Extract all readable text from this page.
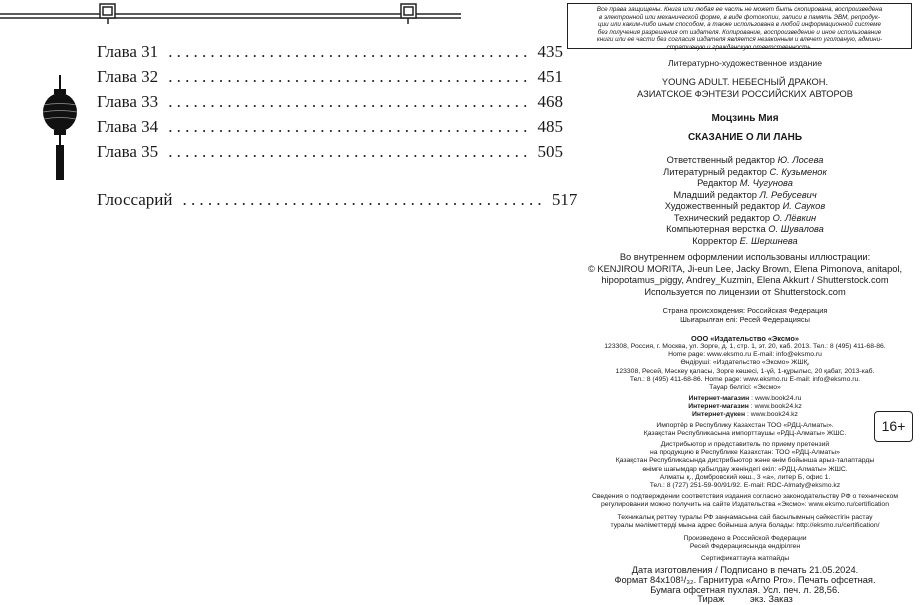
Глава 31 ........................................... 435
Глава 32 ........................................... 451
Глава 33 ........................................... 468
Глава 34 ........................................... 485
Глава 35 ........................................... 505
Глоссарий ........................................... 517
Все права защищены. Книга или любая ее часть не может быть скопирована, воспроизведена
в электронной или механической форме, в виде фотокопии, записи в память ЭВМ, репродук-
ции или каким-либо иным способом, а также использована в любой информационной системе
без получения разрешения от издателя. Копирование, воспроизведение и иное использование
книги или ее части без согласия издателя является незаконным и влечет уголовную, админи-
стративную и гражданскую ответственность.
Литературно-художественное издание
YOUNG ADULT. НЕБЕСНЫЙ ДРАКОН.
АЗИАТСКОЕ ФЭНТЕЗИ РОССИЙСКИХ АВТОРОВ
Моцзинь Мия
СКАЗАНИЕ О ЛИ ЛАНЬ
Ответственный редактор Ю. Лосева
Литературный редактор С. Кузьменок
Редактор М. Чугунова
Младший редактор Л. Ребусевич
Художественный редактор И. Сауков
Технический редактор О. Лёвкин
Компьютерная верстка О. Шувалова
Корректор Е. Шершнева
Во внутреннем оформлении использованы иллюстрации:
© KENJIROU MORITA, Ji-eun Lee, Jacky Brown, Elena Pimonova, anitapol,
hipopotamus_piggy, Andrey_Kuzmin, Elena Akkurt / Shutterstock.com
Используется по лицензии от Shutterstock.com
Страна происхождения: Российская Федерация
Шығарылған елі: Ресей Федерациясы
ООО «Издательство «Эксмо»
123308, Россия, г. Москва, ул. Зорге, д. 1, стр. 1, эт. 20, каб. 2013. Тел.: 8 (495) 411-68-86.
Home page: www.eksmo.ru E-mail: info@eksmo.ru
Өндіруші: «Издательство «Эксмо» ЖШҚ,
123308, Ресей, Мәскеу қаласы, Зорге көшесі, 1-үй, 1-құрылыс, 20 қабат, 2013-каб.
Тел.: 8 (495) 411-68-86. Home page: www.eksmo.ru E-mail: info@eksmo.ru.
Тауар белгісі: «Эксмо»
Интернет-магазин : www.book24.ru
Интернет-магазин : www.book24.kz
Интернет-дүкен : www.book24.kz
16+
Импортёр в Республику Казахстан ТОО «РДЦ-Алматы».
Қазақстан Республикасына импорттаушы «РДЦ-Алматы» ЖШС.
Дистрибьютор и представитель по приему претензий
на продукцию в Республике Казахстан: ТОО «РДЦ-Алматы»
Қазақстан Республикасында дистрибьютор және өнім бойынша арыз-талаптарды
өнімге шағымдар қабылдау жөніндегі екіл: «РДЦ-Алматы» ЖШС.
Алматы қ., Домбровский көш., 3 «а», литер Б, офис 1.
Тел.: 8 (727) 251-59-90/91/92. E-mail: RDC-Almaty@eksmo.kz
Сведения о подтверждении соответствия издания согласно законодательству РФ о техническом
регулировании можно получить на сайте Издательства «Эксмо»: www.eksmo.ru/certification
Техникалық реттеу туралы РФ заңнамасына сай басылымның сәйкестігін растау
туралы мәліметтерді мына адрес бойынша алуға болады: http://eksmo.ru/certification/
Произведено в Российской Федерации
Ресей Федерациясында өндірілген
Сертификаттауға жатпайды
Дата изготовления / Подписано в печать 21.05.2024.
Формат 84x108¹/₃₂. Гарнитура «Arno Pro». Печать офсетная.
Бумага офсетная пухлая. Усл. печ. л. 28,56.
Тираж          экз. Заказ
